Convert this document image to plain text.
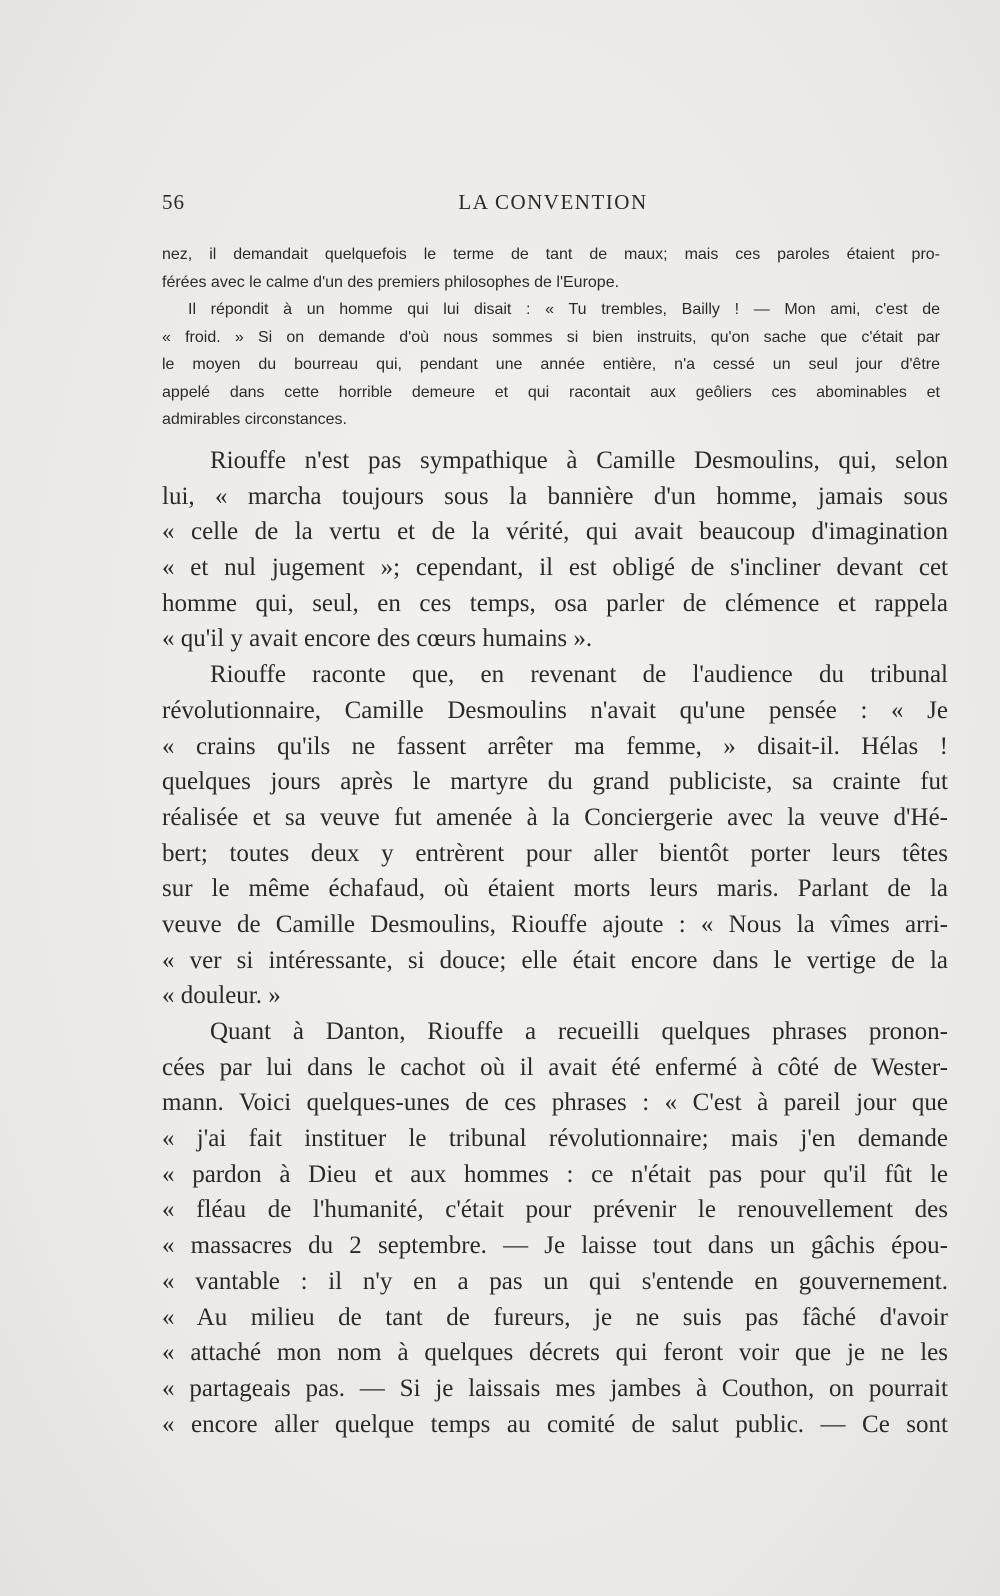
56	LA CONVENTION
nez, il demandait quelquefois le terme de tant de maux; mais ces paroles étaient pro-
férées avec le calme d'un des premiers philosophes de l'Europe.
Il répondit à un homme qui lui disait : « Tu trembles, Bailly ! — Mon ami, c'est de
« froid. » Si on demande d'où nous sommes si bien instruits, qu'on sache que c'était par
le moyen du bourreau qui, pendant une année entière, n'a cessé un seul jour d'être
appelé dans cette horrible demeure et qui racontait aux geôliers ces abominables et
admirables circonstances.
Riouffe n'est pas sympathique à Camille Desmoulins, qui, selon
lui, « marcha toujours sous la bannière d'un homme, jamais sous
« celle de la vertu et de la vérité, qui avait beaucoup d'imagination
« et nul jugement »; cependant, il est obligé de s'incliner devant cet
homme qui, seul, en ces temps, osa parler de clémence et rappela
« qu'il y avait encore des cœurs humains ».
Riouffe raconte que, en revenant de l'audience du tribunal
révolutionnaire, Camille Desmoulins n'avait qu'une pensée : « Je
« crains qu'ils ne fassent arrêter ma femme, » disait-il. Hélas !
quelques jours après le martyre du grand publiciste, sa crainte fut
réalisée et sa veuve fut amenée à la Conciergerie avec la veuve d'Hé-
bert; toutes deux y entrèrent pour aller bientôt porter leurs têtes
sur le même échafaud, où étaient morts leurs maris. Parlant de la
veuve de Camille Desmoulins, Riouffe ajoute : « Nous la vîmes arri-
« ver si intéressante, si douce; elle était encore dans le vertige de la
« douleur. »
Quant à Danton, Riouffe a recueilli quelques phrases pronon-
cées par lui dans le cachot où il avait été enfermé à côté de Wester-
mann. Voici quelques-unes de ces phrases : « C'est à pareil jour que
« j'ai fait instituer le tribunal révolutionnaire; mais j'en demande
« pardon à Dieu et aux hommes : ce n'était pas pour qu'il fût le
« fléau de l'humanité, c'était pour prévenir le renouvellement des
« massacres du 2 septembre. — Je laisse tout dans un gâchis épou-
« vantable : il n'y en a pas un qui s'entende en gouvernement.
« Au milieu de tant de fureurs, je ne suis pas fâché d'avoir
« attaché mon nom à quelques décrets qui feront voir que je ne les
« partageais pas. — Si je laissais mes jambes à Couthon, on pourrait
« encore aller quelque temps au comité de salut public. — Ce sont
